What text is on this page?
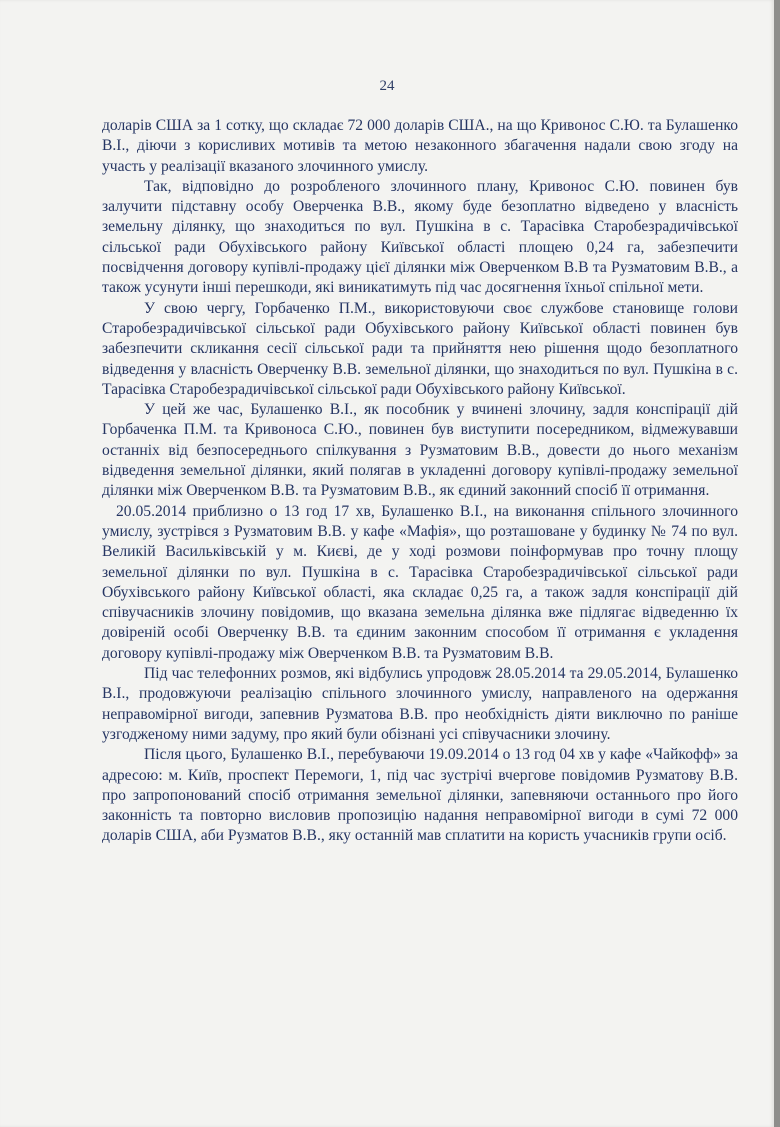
24

доларів США за 1 сотку, що складає 72 000 доларів США., на що Кривонос С.Ю. та Булашенко В.І., діючи з корисливих мотивів та метою незаконного збагачення надали свою згоду на участь у реалізації вказаного злочинного умислу.

Так, відповідно до розробленого злочинного плану, Кривонос С.Ю. повинен був залучити підставну особу Оверченка В.В., якому буде безоплатно відведено у власність земельну ділянку, що знаходиться по вул. Пушкіна в с. Тарасівка Старобезрадичівської сільської ради Обухівського району Київської області площею 0,24 га, забезпечити посвідчення договору купівлі-продажу цієї ділянки між Оверченком В.В та Рузматовим В.В., а також усунути інші перешкоди, які виникатимуть під час досягнення їхньої спільної мети.

У свою чергу, Горбаченко П.М., використовуючи своє службове становище голови Старобезрадичівської сільської ради Обухівського району Київської області повинен був забезпечити скликання сесії сільської ради та прийняття нею рішення щодо безоплатного відведення у власність Оверченку В.В. земельної ділянки, що знаходиться по вул. Пушкіна в с. Тарасівка Старобезрадичівської сільської ради Обухівського району Київської.

У цей же час, Булашенко В.І., як пособник у вчинені злочину, задля конспірації дій Горбаченка П.М. та Кривоноса С.Ю., повинен був виступити посередником, відмежувавши останніх від безпосереднього спілкування з Рузматовим В.В., довести до нього механізм відведення земельної ділянки, який полягав в укладенні договору купівлі-продажу земельної ділянки між Оверченком В.В. та Рузматовим В.В., як єдиний законний спосіб її отримання.

20.05.2014 приблизно о 13 год 17 хв, Булашенко В.І., на виконання спільного злочинного умислу, зустрівся з Рузматовим В.В. у кафе «Мафія», що розташоване у будинку № 74 по вул. Великій Васильківській у м. Києві, де у ході розмови поінформував про точну площу земельної ділянки по вул. Пушкіна в с. Тарасівка Старобезрадичівської сільської ради Обухівського району Київської області, яка складає 0,25 га, а також задля конспірації дій співучасників злочину повідомив, що вказана земельна ділянка вже підлягає відведенню їх довіреній особі Оверченку В.В. та єдиним законним способом її отримання є укладення договору купівлі-продажу між Оверченком В.В. та Рузматовим В.В.

Під час телефонних розмов, які відбулись упродовж 28.05.2014 та 29.05.2014, Булашенко В.І., продовжуючи реалізацію спільного злочинного умислу, направленого на одержання неправомірної вигоди, запевнив Рузматова В.В. про необхідність діяти виключно по раніше узгодженому ними задуму, про який були обізнані усі співучасники злочину.

Після цього, Булашенко В.І., перебуваючи 19.09.2014 о 13 год 04 хв у кафе «Чайкофф» за адресою: м. Київ, проспект Перемоги, 1, під час зустрічі вчергове повідомив Рузматову В.В. про запропонований спосіб отримання земельної ділянки, запевняючи останнього про його законність та повторно висловив пропозицію надання неправомірної вигоди в сумі 72 000 доларів США, аби Рузматов В.В., яку останній мав сплатити на користь учасників групи осіб.
